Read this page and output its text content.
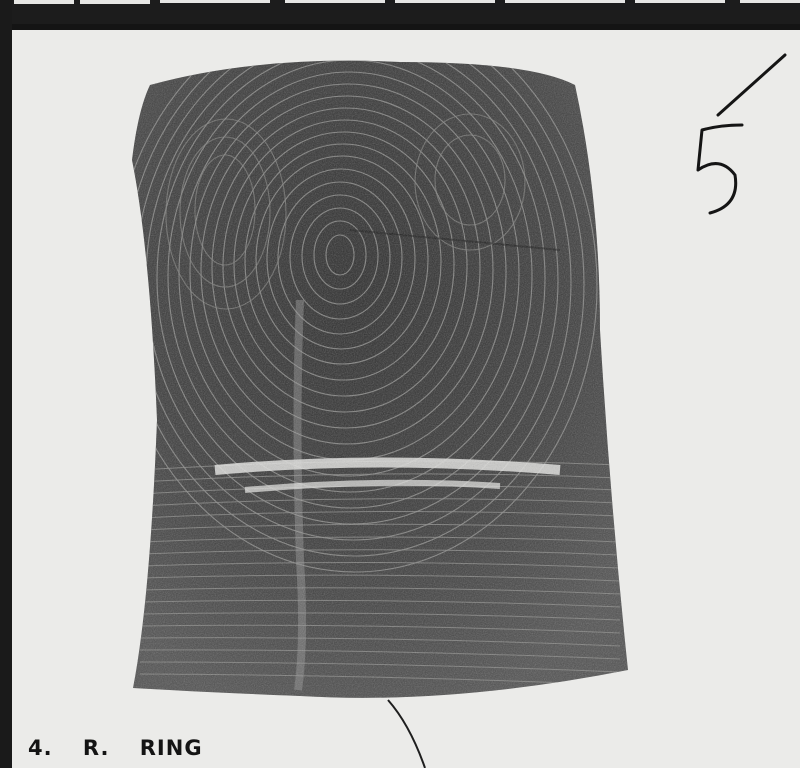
4. R. RING
